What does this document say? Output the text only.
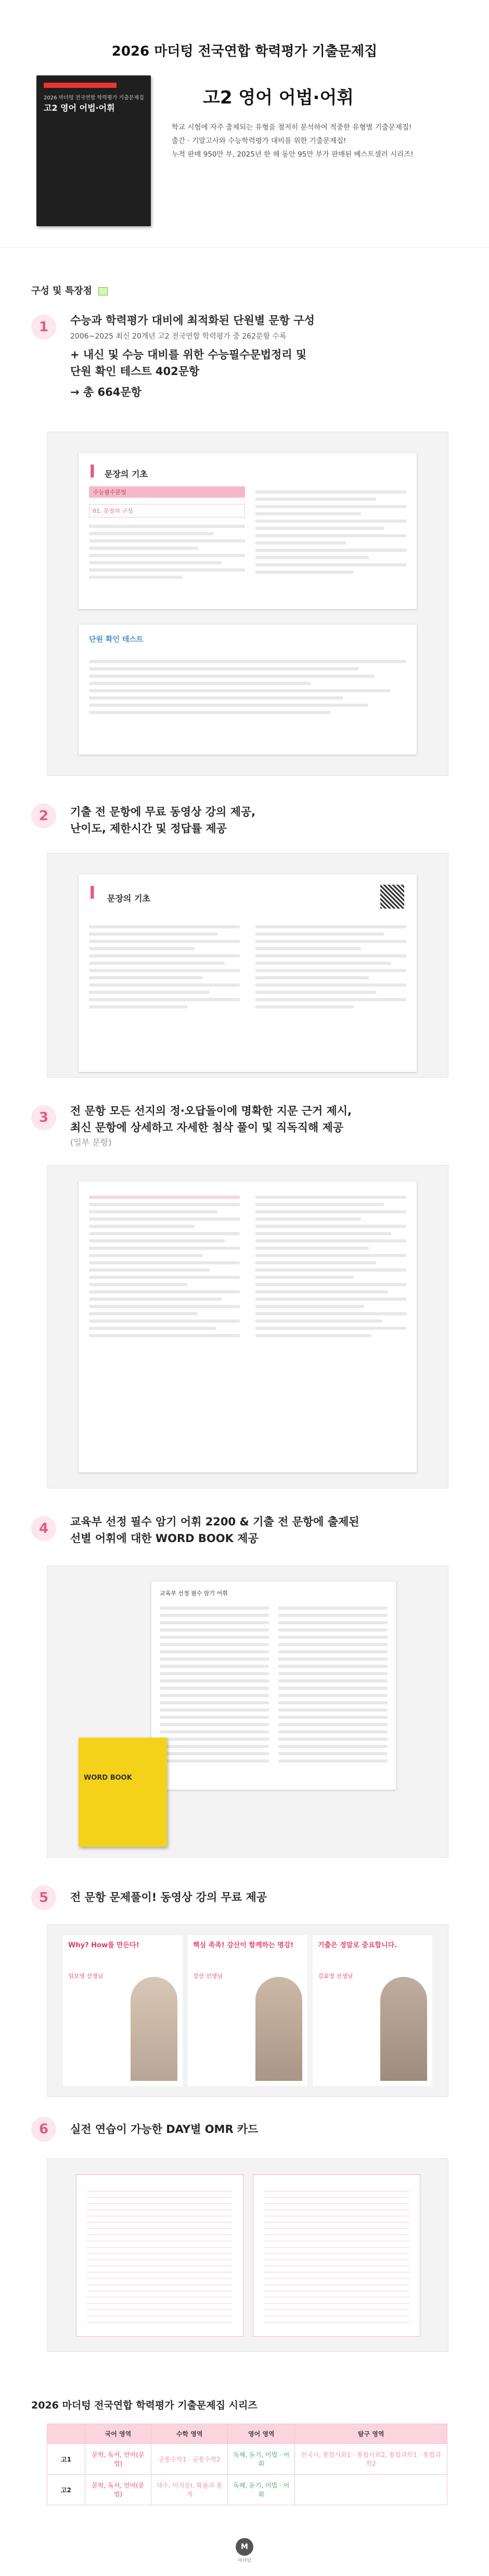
2026 마더텅 전국연합 학력평가 기출문제집
2026 마더텅 전국연합 학력평가 기출문제집
고2 영어 어법·어휘	고2 영어 어법·어휘
학교 시험에 자주 출제되는 유형을 철저히 분석하여 적중한 유형별 기출문제집!
출간 · 기말고사와 수능학력평가 대비를 위한 기출문제집!
누적 판매 950만 부, 2025년 한 해 동안 95만 부가 판매된 베스트셀러 시리즈!
구성 및 특장점
1	수능과 학력평가 대비에 최적화된 단원별 문항 구성
2006~2025 최신 20개년 고2 전국연합 학력평가 중 262문항 수록
+ 내신 및 수능 대비를 위한 수능필수문법정리 및
단원 확인 테스트 402문항
→ 총 664문항
I 문장의 기초
수능필수문법
01. 문장의 구성
단원 확인 테스트
2	기출 전 문항에 무료 동영상 강의 제공,
난이도, 제한시간 및 정답률 제공
I 문장의 기초
3	전 문항 모든 선지의 정·오답돌이에 명확한 지문 근거 제시,
최신 문항에 상세하고 자세한 첨삭 풀이 및 직독직해 제공
(일부 문항)
4	교육부 선정 필수 암기 어휘 2200 & 기출 전 문항에 출제된
선별 어휘에 대한 WORD BOOK 제공
교육부 선정 필수 암기 어휘
WORD BOOK
5	전 문항 문제풀이! 동영상 강의 무료 제공
Why? How를 만든다!
임보영 선생님
핵심 족족! 강산이 함께하는 명강!
강산 선생님
기출은 정말로 중요합니다.
김효영 선생님
6	실전 연습이 가능한 DAY별 OMR 카드
2026 마더텅 전국연합 학력평가 기출문제집 시리즈
	국어 영역	수학 영역	영어 영역	탐구 영역
고1	문학, 독서, 언어(문법)	공통수학1 · 공통수학2	독해, 듣기, 어법 · 어휘	한국사, 통합사회1 · 통합사회2, 통합과학1 · 통합과학2
고2	문학, 독서, 언어(문법)	대수, 미적분Ⅰ, 확률과 통계	독해, 듣기, 어법 · 어휘	
M
마더텅
